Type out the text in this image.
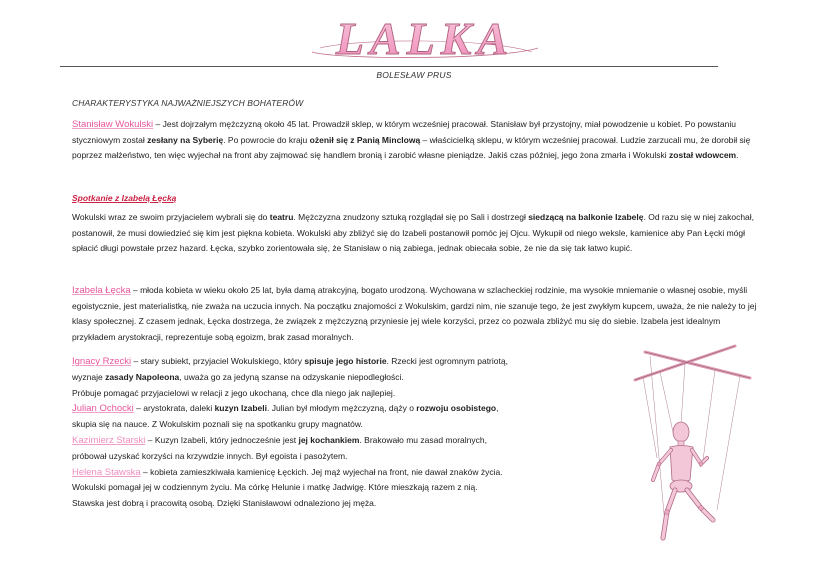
LALKA
BOLESŁAW PRUS
CHARAKTERYSTYKA NAJWAŻNIEJSZYCH BOHATERÓW
Stanisław Wokulski – Jest dojrzałym mężczyzną około 45 lat. Prowadził sklep, w którym wcześniej pracował. Stanisław był przystojny, miał powodzenie u kobiet. Po powstaniu styczniowym został zesłany na Syberię. Po powrocie do kraju ożenił się z Panią Minclową – właścicielką sklepu, w którym wcześniej pracował. Ludzie zarzucali mu, że dorobił się poprzez małżeństwo, ten więc wyjechał na front aby zajmować się handlem bronią i zarobić własne pieniądze. Jakiś czas później, jego żona zmarła i Wokulski został wdowcem.
Spotkanie z Izabelą Łęcką
Wokulski wraz ze swoim przyjacielem wybrali się do teatru. Mężczyzna znudzony sztuką rozglądał się po Sali i dostrzegł siedzącą na balkonie Izabelę. Od razu się w niej zakochał, postanowił, że musi dowiedzieć się kim jest piękna kobieta. Wokulski aby zbliżyć się do Izabeli postanowił pomóc jej Ojcu. Wykupił od niego weksle, kamienice aby Pan Łęcki mógł spłacić długi powstałe przez hazard. Łęcka, szybko zorientowała się, że Stanisław o nią zabiega, jednak obiecała sobie, że nie da się tak łatwo kupić.
Izabela Łęcka – młoda kobieta w wieku około 25 lat, była damą atrakcyjną, bogato urodzoną. Wychowana w szlacheckiej rodzinie, ma wysokie mniemanie o własnej osobie, myśli egoistycznie, jest materialistką, nie zważa na uczucia innych. Na początku znajomości z Wokulskim, gardzi nim, nie szanuje tego, że jest zwykłym kupcem, uważa, że nie należy to jej klasy społecznej. Z czasem jednak, Łęcka dostrzega, że związek z mężczyzną przyniesie jej wiele korzyści, przez co pozwala zbliżyć mu się do siebie. Izabela jest idealnym przykładem arystokracji, reprezentuje sobą egoizm, brak zasad moralnych.
Ignacy Rzecki – stary subiekt, przyjaciel Wokulskiego, który spisuje jego historie. Rzecki jest ogromnym patriotą,
wyznaje zasady Napoleona, uważa go za jedyną szanse na odzyskanie niepodległości.
Próbuje pomagać przyjacielowi w relacji z jego ukochaną, chce dla niego jak najlepiej.
Julian Ochocki – arystokrata, daleki kuzyn Izabeli. Julian był młodym mężczyzną, dąży o rozwoju osobistego,
skupia się na nauce. Z Wokulskim poznali się na spotkanku grupy magnatów.
Kazimierz Starski – Kuzyn Izabeli, który jednocześnie jest jej kochankiem. Brakowało mu zasad moralnych,
próbował uzyskać korzyści na krzywdzie innych. Był egoista i pasożytem.
Helena Stawska – kobieta zamieszkiwała kamienicę Łęckich. Jej mąż wyjechał na front, nie dawał znaków życia.
Wokulski pomagał jej w codziennym życiu. Ma córkę Helunie i matkę Jadwigę. Które mieszkają razem z nią.
Stawska jest dobrą i pracowitą osobą. Dzięki Stanisławowi odnaleziono jej męża.
